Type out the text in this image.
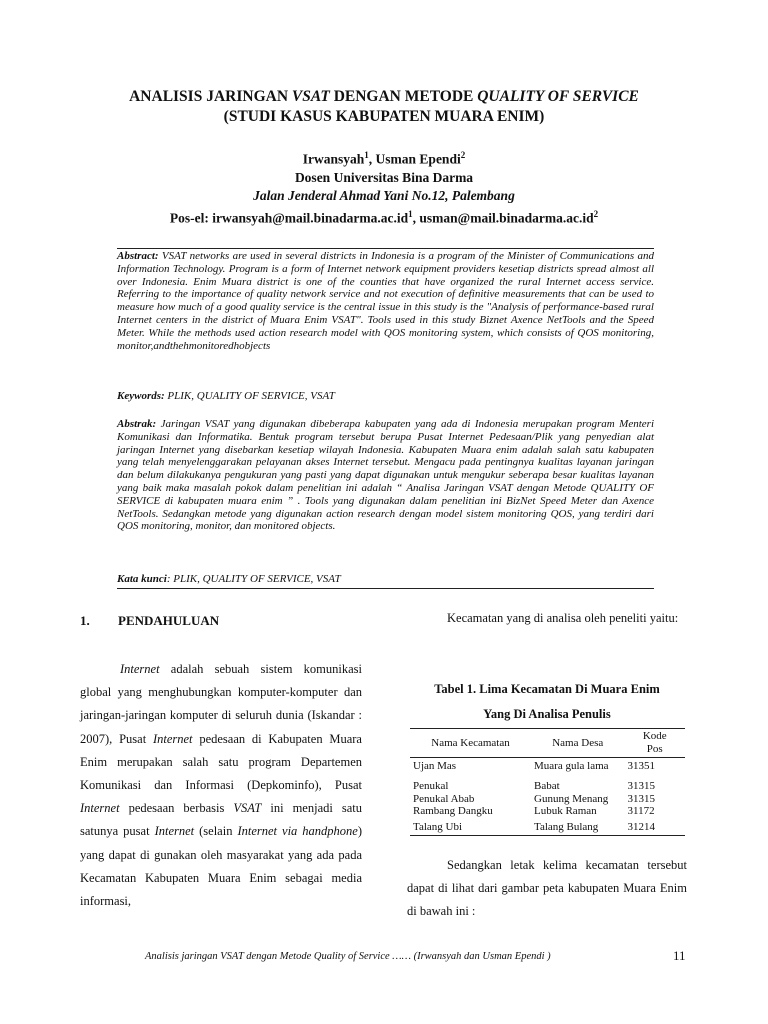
ANALISIS JARINGAN VSAT DENGAN METODE QUALITY OF SERVICE
(STUDI KASUS KABUPATEN MUARA ENIM)
Irwansyah$^1$, Usman Ependi$^2$
Dosen Universitas Bina Darma
Jalan Jenderal Ahmad Yani No.12, Palembang
Pos-el: $irwansyah@mail.binadarma.ac.id^1$, $usman@mail.binadarma.ac.id^2$
Abstract: VSAT networks are used in several districts in Indonesia is a program of the Minister of Communications and Information Technology. Program is a form of Internet network equipment providers kesetiap districts spread almost all over Indonesia. Enim Muara district is one of the counties that have organized the rural Internet access service. Referring to the importance of quality network service and not execution of definitive measurements that can be used to measure how much of a good quality service is the central issue in this study is the "Analysis of performance-based rural Internet centers in the district of Muara Enim VSAT". Tools used in this study Biznet Axence NetTools and the Speed Meter. While the methods used action research model with QOS monitoring system, which consists of QOS monitoring, monitor,andthehmonitoredhobjects
Keywords: PLIK, QUALITY OF SERVICE, VSAT
Abstrak: Jaringan VSAT yang digunakan dibeberapa kabupaten yang ada di Indonesia merupakan program Menteri Komunikasi dan Informatika. Bentuk program tersebut berupa Pusat Internet Pedesaan/Plik yang penyedian alat jaringan Internet yang disebarkan kesetiap wilayah Indonesia. Kabupaten Muara enim adalah salah satu kabupaten yang telah menyelenggarakan pelayanan akses Internet tersebut. Mengacu pada pentingnya kualitas layanan jaringan dan belum dilakukanya pengukuran yang pasti yang dapat digunakan untuk mengukur seberapa besar kualitas layanan yang baik maka masalah pokok dalam penelitian ini adalah “ Analisa Jaringan VSAT dengan Metode QUALITY OF SERVICE di kabupaten muara enim ” . Tools yang digunakan dalam penelitian ini BizNet Speed Meter dan Axence NetTools. Sedangkan metode yang digunakan action research dengan model sistem monitoring QOS, yang terdiri dari QOS monitoring, monitor, dan monitored objects.
Kata kunci: PLIK, QUALITY OF SERVICE, VSAT
1. PENDAHULUAN

Internet adalah sebuah sistem komunikasi global yang menghubungkan komputer-komputer dan jaringan-jaringan komputer di seluruh dunia (Iskandar : 2007), Pusat Internet pedesaan di Kabupaten Muara Enim merupakan salah satu program Departemen Komunikasi dan Informasi (Depkominfo), Pusat Internet pedesaan berbasis VSAT ini menjadi satu satunya pusat Internet (selain Internet via handphone) yang dapat di gunakan oleh masyarakat yang ada pada Kecamatan Kabupaten Muara Enim sebagai media informasi,

Kecamatan yang di analisa oleh peneliti yaitu:

Tabel 1. Lima Kecamatan Di Muara Enim
Yang Di Analisa Penulis
Nama Kecamatan	Nama Desa	Kode Pos
Ujan Mas	Muara gula lama	31351
Penukal	Babat	31315
Penukal Abab	Gunung Menang	31315
Rambang Dangku	Lubuk Raman	31172
Talang Ubi	Talang Bulang	31214

Sedangkan letak kelima kecamatan tersebut dapat di lihat dari gambar peta kabupaten Muara Enim di bawah ini :

Analisis jaringan VSAT dengan Metode Quality of Service …… (Irwansyah dan Usman Ependi )	11
